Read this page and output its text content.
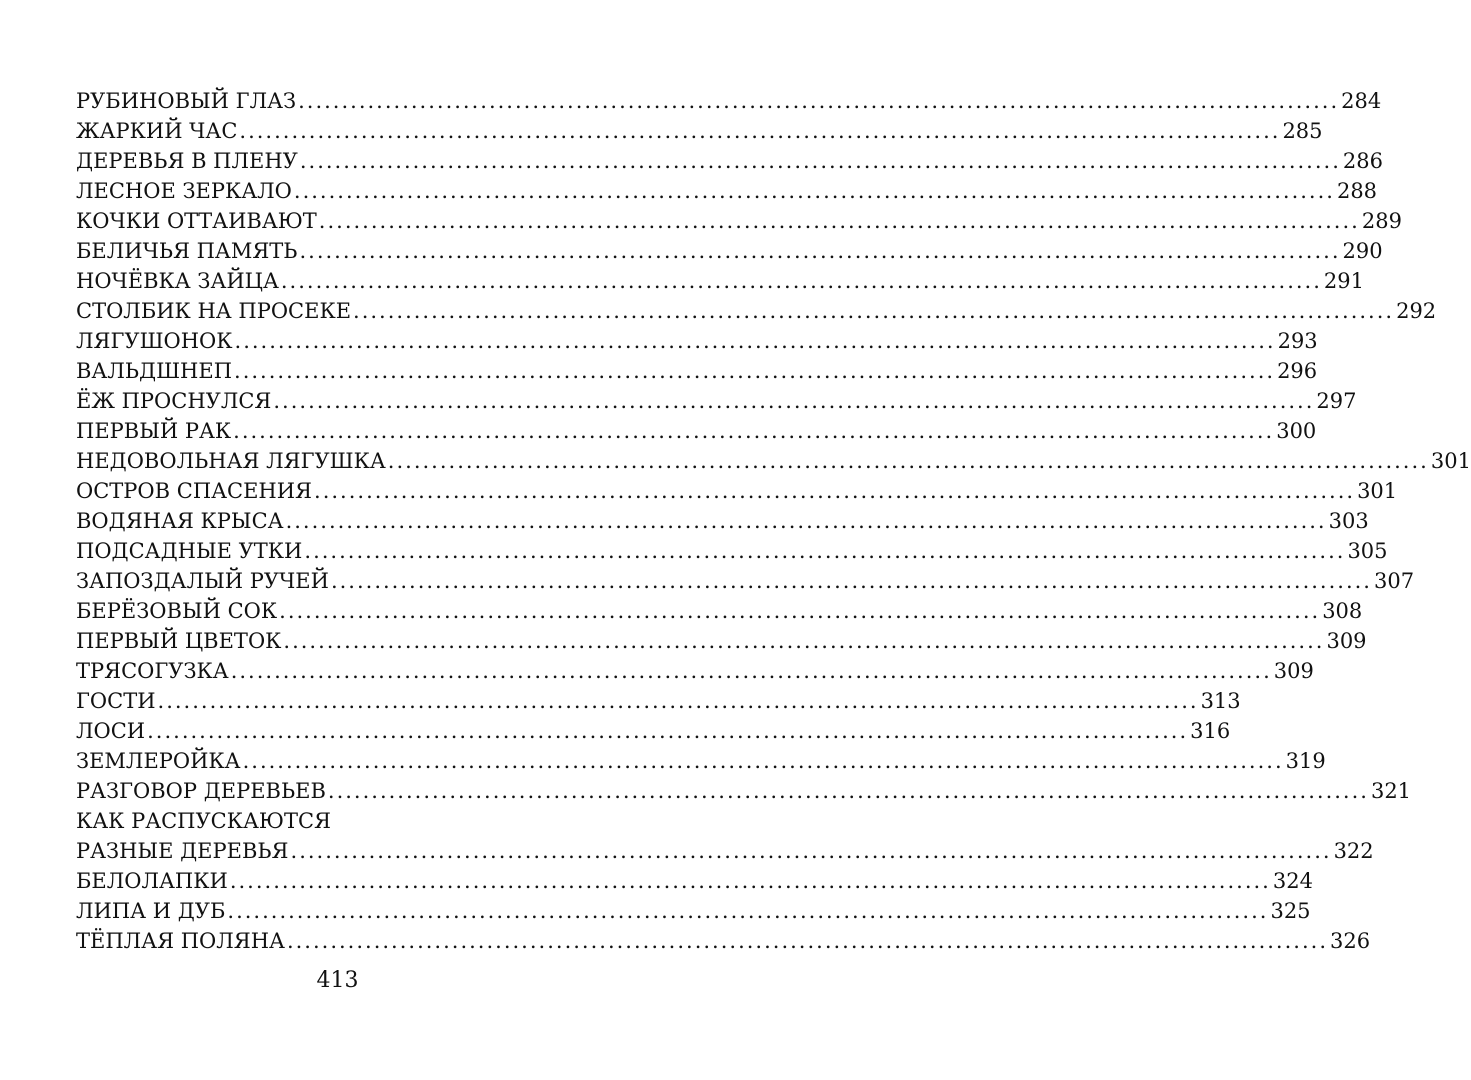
РУБИНОВЫЙ ГЛАЗ ........................................................................................................................ 284
ЖАРКИЙ ЧАС ........................................................................................................................ 285
ДЕРЕВЬЯ В ПЛЕНУ ........................................................................................................................ 286
ЛЕСНОЕ ЗЕРКАЛО ........................................................................................................................ 288
КОЧКИ ОТТАИВАЮТ ........................................................................................................................ 289
БЕЛИЧЬЯ ПАМЯТЬ ........................................................................................................................ 290
НОЧЁВКА ЗАЙЦА ........................................................................................................................ 291
СТОЛБИК НА ПРОСЕКЕ ........................................................................................................................ 292
ЛЯГУШОНОК ........................................................................................................................ 293
ВАЛЬДШНЕП ........................................................................................................................ 296
ЁЖ ПРОСНУЛСЯ ........................................................................................................................ 297
ПЕРВЫЙ РАК ........................................................................................................................ 300
НЕДОВОЛЬНАЯ ЛЯГУШКА ........................................................................................................................ 301
ОСТРОВ СПАСЕНИЯ ........................................................................................................................ 301
ВОДЯНАЯ КРЫСА ........................................................................................................................ 303
ПОДСАДНЫЕ УТКИ ........................................................................................................................ 305
ЗАПОЗДАЛЫЙ РУЧЕЙ ........................................................................................................................ 307
БЕРЁЗОВЫЙ СОК ........................................................................................................................ 308
ПЕРВЫЙ ЦВЕТОК ........................................................................................................................ 309
ТРЯСОГУЗКА ........................................................................................................................ 309
ГОСТИ ........................................................................................................................ 313
ЛОСИ ........................................................................................................................ 316
ЗЕМЛЕРОЙКА ........................................................................................................................ 319
РАЗГОВОР ДЕРЕВЬЕВ ........................................................................................................................ 321
КАК РАСПУСКАЮТСЯ
РАЗНЫЕ ДЕРЕВЬЯ ........................................................................................................................ 322
БЕЛОЛАПКИ ........................................................................................................................ 324
ЛИПА И ДУБ ........................................................................................................................ 325
ТЁПЛАЯ ПОЛЯНА ........................................................................................................................ 326
413
